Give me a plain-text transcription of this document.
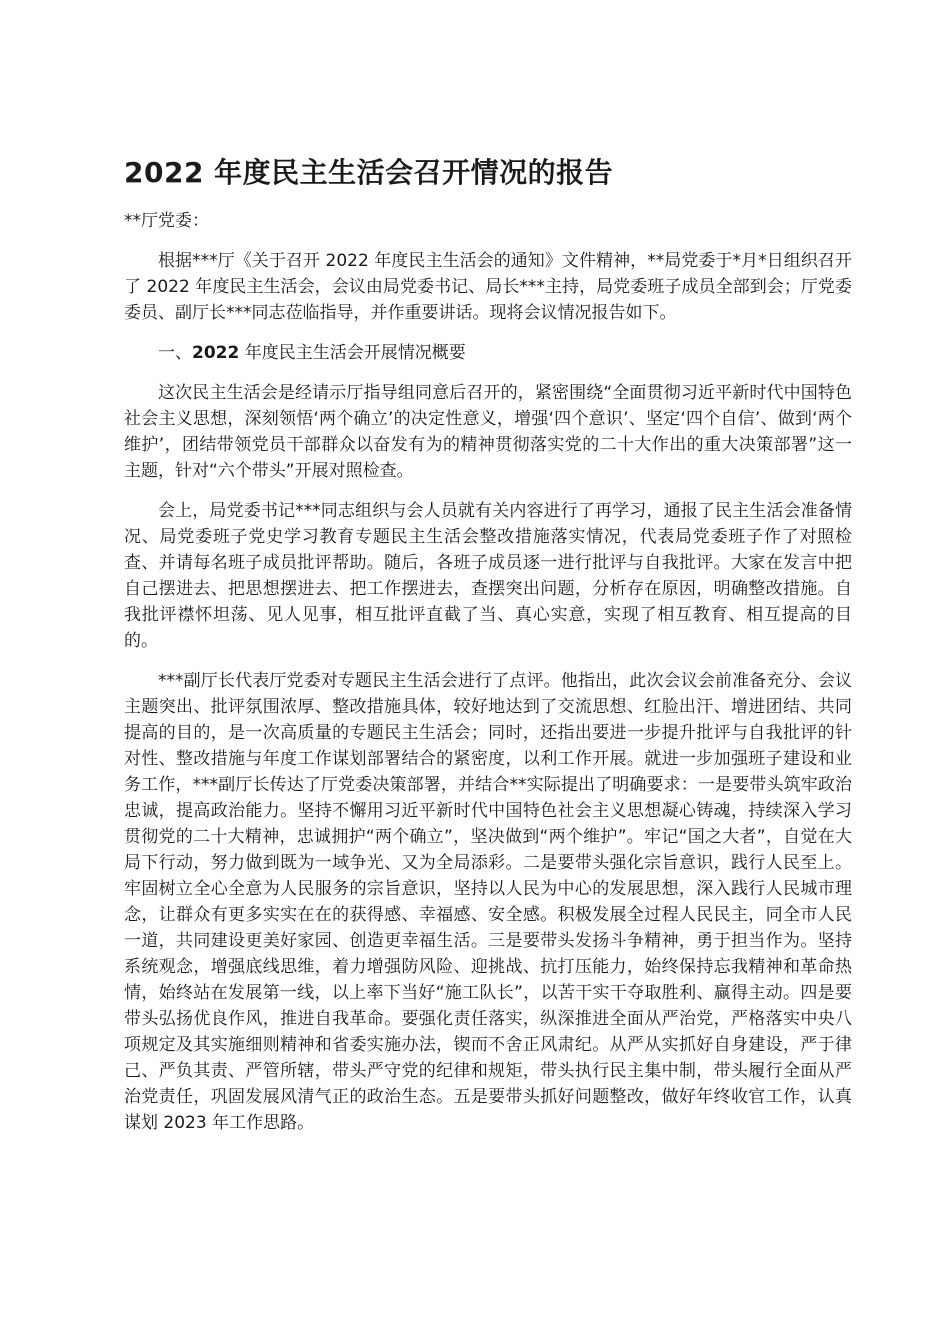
2022 年度民主生活会召开情况的报告

**厅党委：

根据***厅《关于召开 2022 年度民主生活会的通知》文件精神，**局党委于*月*日组织召开了 2022 年度民主生活会，会议由局党委书记、局长***主持，局党委班子成员全部到会；厅党委委员、副厅长***同志莅临指导，并作重要讲话。现将会议情况报告如下。

一、2022 年度民主生活会开展情况概要

这次民主生活会是经请示厅指导组同意后召开的，紧密围绕“全面贯彻习近平新时代中国特色社会主义思想，深刻领悟‘两个确立’的决定性意义，增强‘四个意识’、坚定‘四个自信’、做到‘两个维护’，团结带领党员干部群众以奋发有为的精神贯彻落实党的二十大作出的重大决策部署”这一主题，针对“六个带头”开展对照检查。

会上，局党委书记***同志组织与会人员就有关内容进行了再学习，通报了民主生活会准备情况、局党委班子党史学习教育专题民主生活会整改措施落实情况，代表局党委班子作了对照检查、并请每名班子成员批评帮助。随后，各班子成员逐一进行批评与自我批评。大家在发言中把自己摆进去、把思想摆进去、把工作摆进去，查摆突出问题，分析存在原因，明确整改措施。自我批评襟怀坦荡、见人见事，相互批评直截了当、真心实意，实现了相互教育、相互提高的目的。

***副厅长代表厅党委对专题民主生活会进行了点评。他指出，此次会议会前准备充分、会议主题突出、批评氛围浓厚、整改措施具体，较好地达到了交流思想、红脸出汗、增进团结、共同提高的目的，是一次高质量的专题民主生活会；同时，还指出要进一步提升批评与自我批评的针对性、整改措施与年度工作谋划部署结合的紧密度，以利工作开展。就进一步加强班子建设和业务工作，***副厅长传达了厅党委决策部署，并结合**实际提出了明确要求：一是要带头筑牢政治忠诚，提高政治能力。坚持不懈用习近平新时代中国特色社会主义思想凝心铸魂，持续深入学习贯彻党的二十大精神，忠诚拥护“两个确立”，坚决做到“两个维护”。牢记“国之大者”，自觉在大局下行动，努力做到既为一域争光、又为全局添彩。二是要带头强化宗旨意识，践行人民至上。牢固树立全心全意为人民服务的宗旨意识，坚持以人民为中心的发展思想，深入践行人民城市理念，让群众有更多实实在在的获得感、幸福感、安全感。积极发展全过程人民民主，同全市人民一道，共同建设更美好家园、创造更幸福生活。三是要带头发扬斗争精神，勇于担当作为。坚持系统观念，增强底线思维，着力增强防风险、迎挑战、抗打压能力，始终保持忘我精神和革命热情，始终站在发展第一线，以上率下当好“施工队长”，以苦干实干夺取胜利、赢得主动。四是要带头弘扬优良作风，推进自我革命。要强化责任落实，纵深推进全面从严治党，严格落实中央八项规定及其实施细则精神和省委实施办法，锲而不舍正风肃纪。从严从实抓好自身建设，严于律己、严负其责、严管所辖，带头严守党的纪律和规矩，带头执行民主集中制，带头履行全面从严治党责任，巩固发展风清气正的政治生态。五是要带头抓好问题整改，做好年终收官工作，认真谋划 2023 年工作思路。
